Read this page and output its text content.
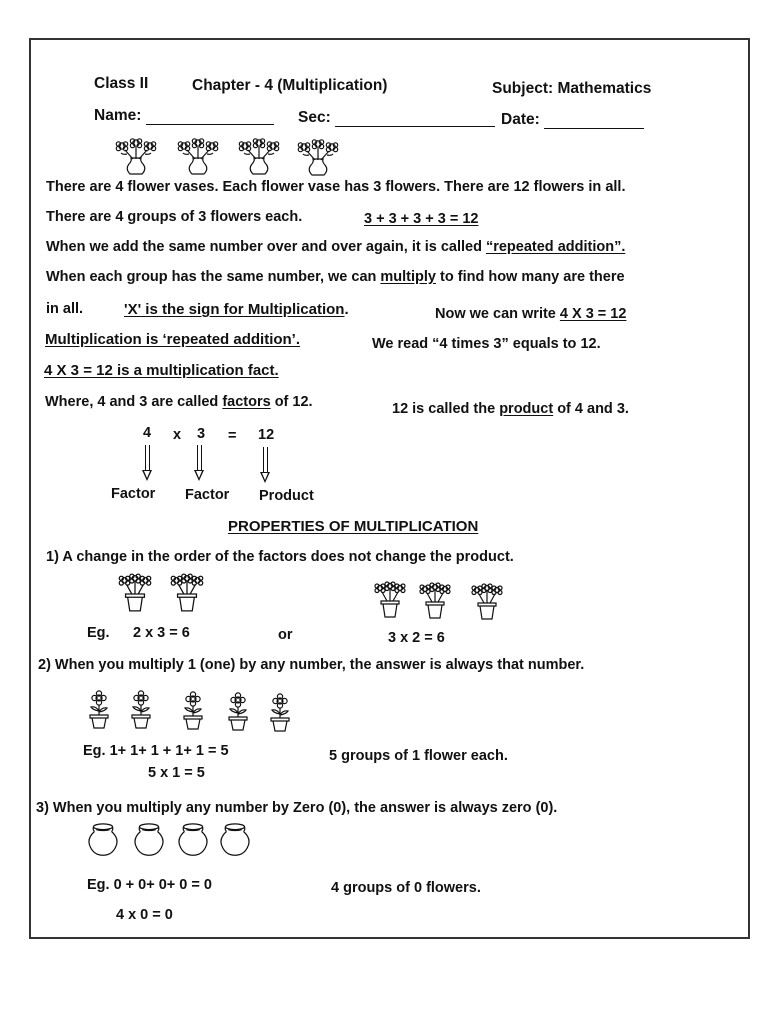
Class II	Chapter - 4 (Multiplication)	Subject: Mathematics
Name:	Sec:	Date:
There are 4 flower vases. Each flower vase has 3 flowers. There are 12 flowers in all.
There are 4 groups of 3 flowers each.	3 + 3 + 3 + 3 = 12
When we add the same number over and over again, it is called “repeated addition”.
When each group has the same number, we can multiply to find how many are there
in all.	'X' is the sign for Multiplication.	Now we can write 4 X 3 = 12
Multiplication is ‘repeated addition’.	We read “4 times 3” equals to 12.
4 X 3 = 12 is a multiplication fact.
Where, 4 and 3 are called factors of 12.	12 is called the product of 4 and 3.
4 x 3 = 12
Factor Factor Product
PROPERTIES OF MULTIPLICATION
1) A change in the order of the factors does not change the product.
Eg. 2 x 3 = 6	or	3 x 2 = 6
2) When you multiply 1 (one) by any number, the answer is always that number.
Eg. 1+ 1+ 1 + 1+ 1 = 5
5 x 1 = 5
5 groups of 1 flower each.
3) When you multiply any number by Zero (0), the answer is always zero (0).
Eg. 0 + 0+ 0+ 0 = 0	4 groups of 0 flowers.
4 x 0 = 0
